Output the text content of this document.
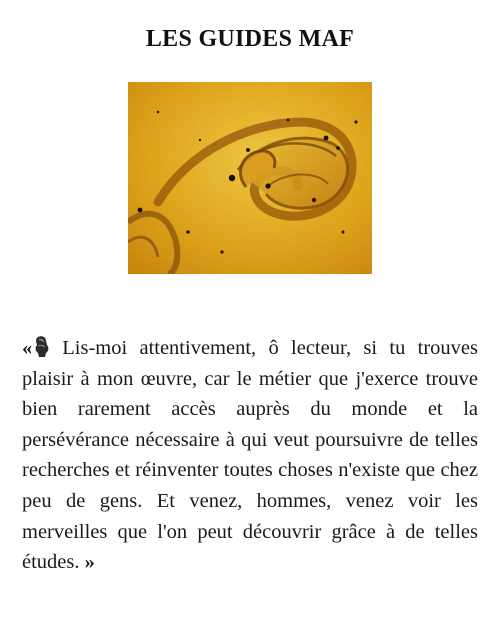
LES GUIDES MAF
« Lis-moi attentivement, ô lecteur, si tu trouves plaisir à mon œuvre, car le métier que j'exerce trouve bien rarement accès auprès du monde et la persévérance nécessaire à qui veut poursuivre de telles recherches et réinventer toutes choses n'existe que chez peu de gens. Et venez, hommes, venez voir les merveilles que l'on peut découvrir grâce à de telles études. »
